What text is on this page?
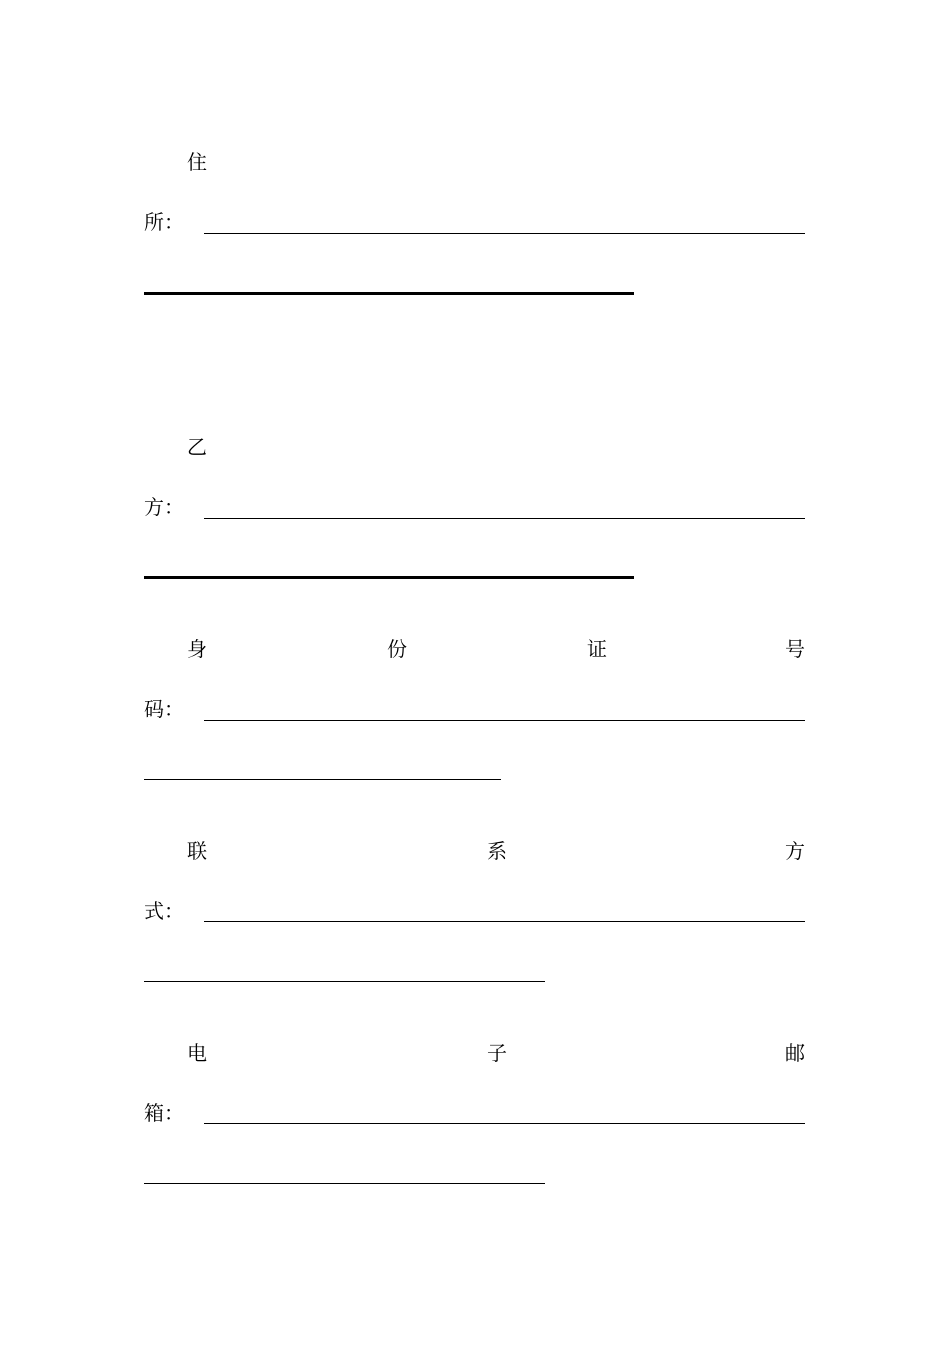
住
所：
乙
方：
身	份	证	号
码：
联	系	方
式：
电	子	邮
箱：
